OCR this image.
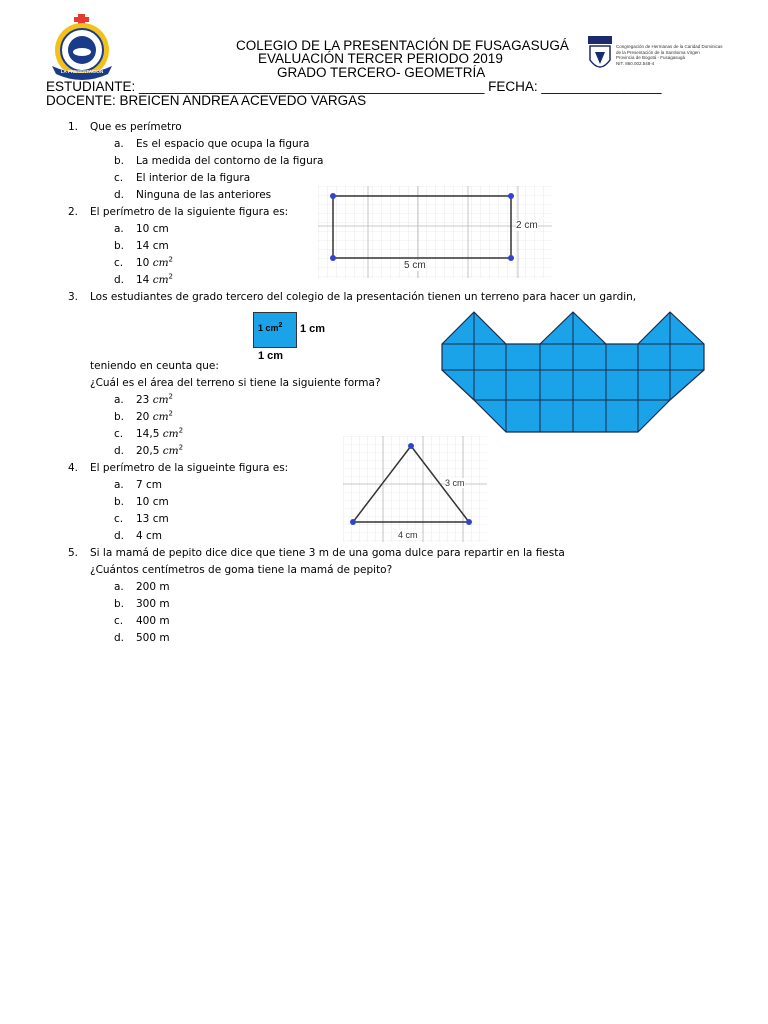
LA PRESENTACIÓN
COLEGIO DE LA PRESENTACIÓN DE FUSAGASUGÁ
EVALUACIÓN TERCER PERIODO 2019
GRADO TERCERO- GEOMETRÍA
ESTUDIANTE: ______________________________________________ FECHA: ________________
DOCENTE: BREICEN ANDREA ACEVEDO VARGAS
Congregación de Hermanas de la Caridad Dominicas
de la Presentación de la Santísima Virgen
Provincia de Bogotá - Fusagasugá
NIT. 860.002.548-4
1. Que es perímetro
a. Es el espacio que ocupa la figura
b. La medida del contorno de la figura
c. El interior de la figura
d. Ninguna de las anteriores
2. El perímetro de la siguiente figura es:
a. 10 cm
b. 14 cm
c. 10 $cm^2$
d. 14 $cm^2$
2 cm
5 cm
3. Los estudiantes de grado tercero del colegio de la presentación tienen un terreno para hacer un gardin,
1 $cm^2$ 1 cm
1 cm
teniendo en ceunta que:
¿Cuál es el área del terreno si tiene la siguiente forma?
a. 23 $cm^2$
b. 20 $cm^2$
c. 14,5 $cm^2$
d. 20,5 $cm^2$
4. El perímetro de la sigueinte figura es:
a. 7 cm
b. 10 cm
c. 13 cm
d. 4 cm
3 cm
4 cm
5. Si la mamá de pepito dice dice que tiene 3 m de una goma dulce para repartir en la fiesta
¿Cuántos centímetros de goma tiene la mamá de pepito?
a. 200 m
b. 300 m
c. 400 m
d. 500 m
